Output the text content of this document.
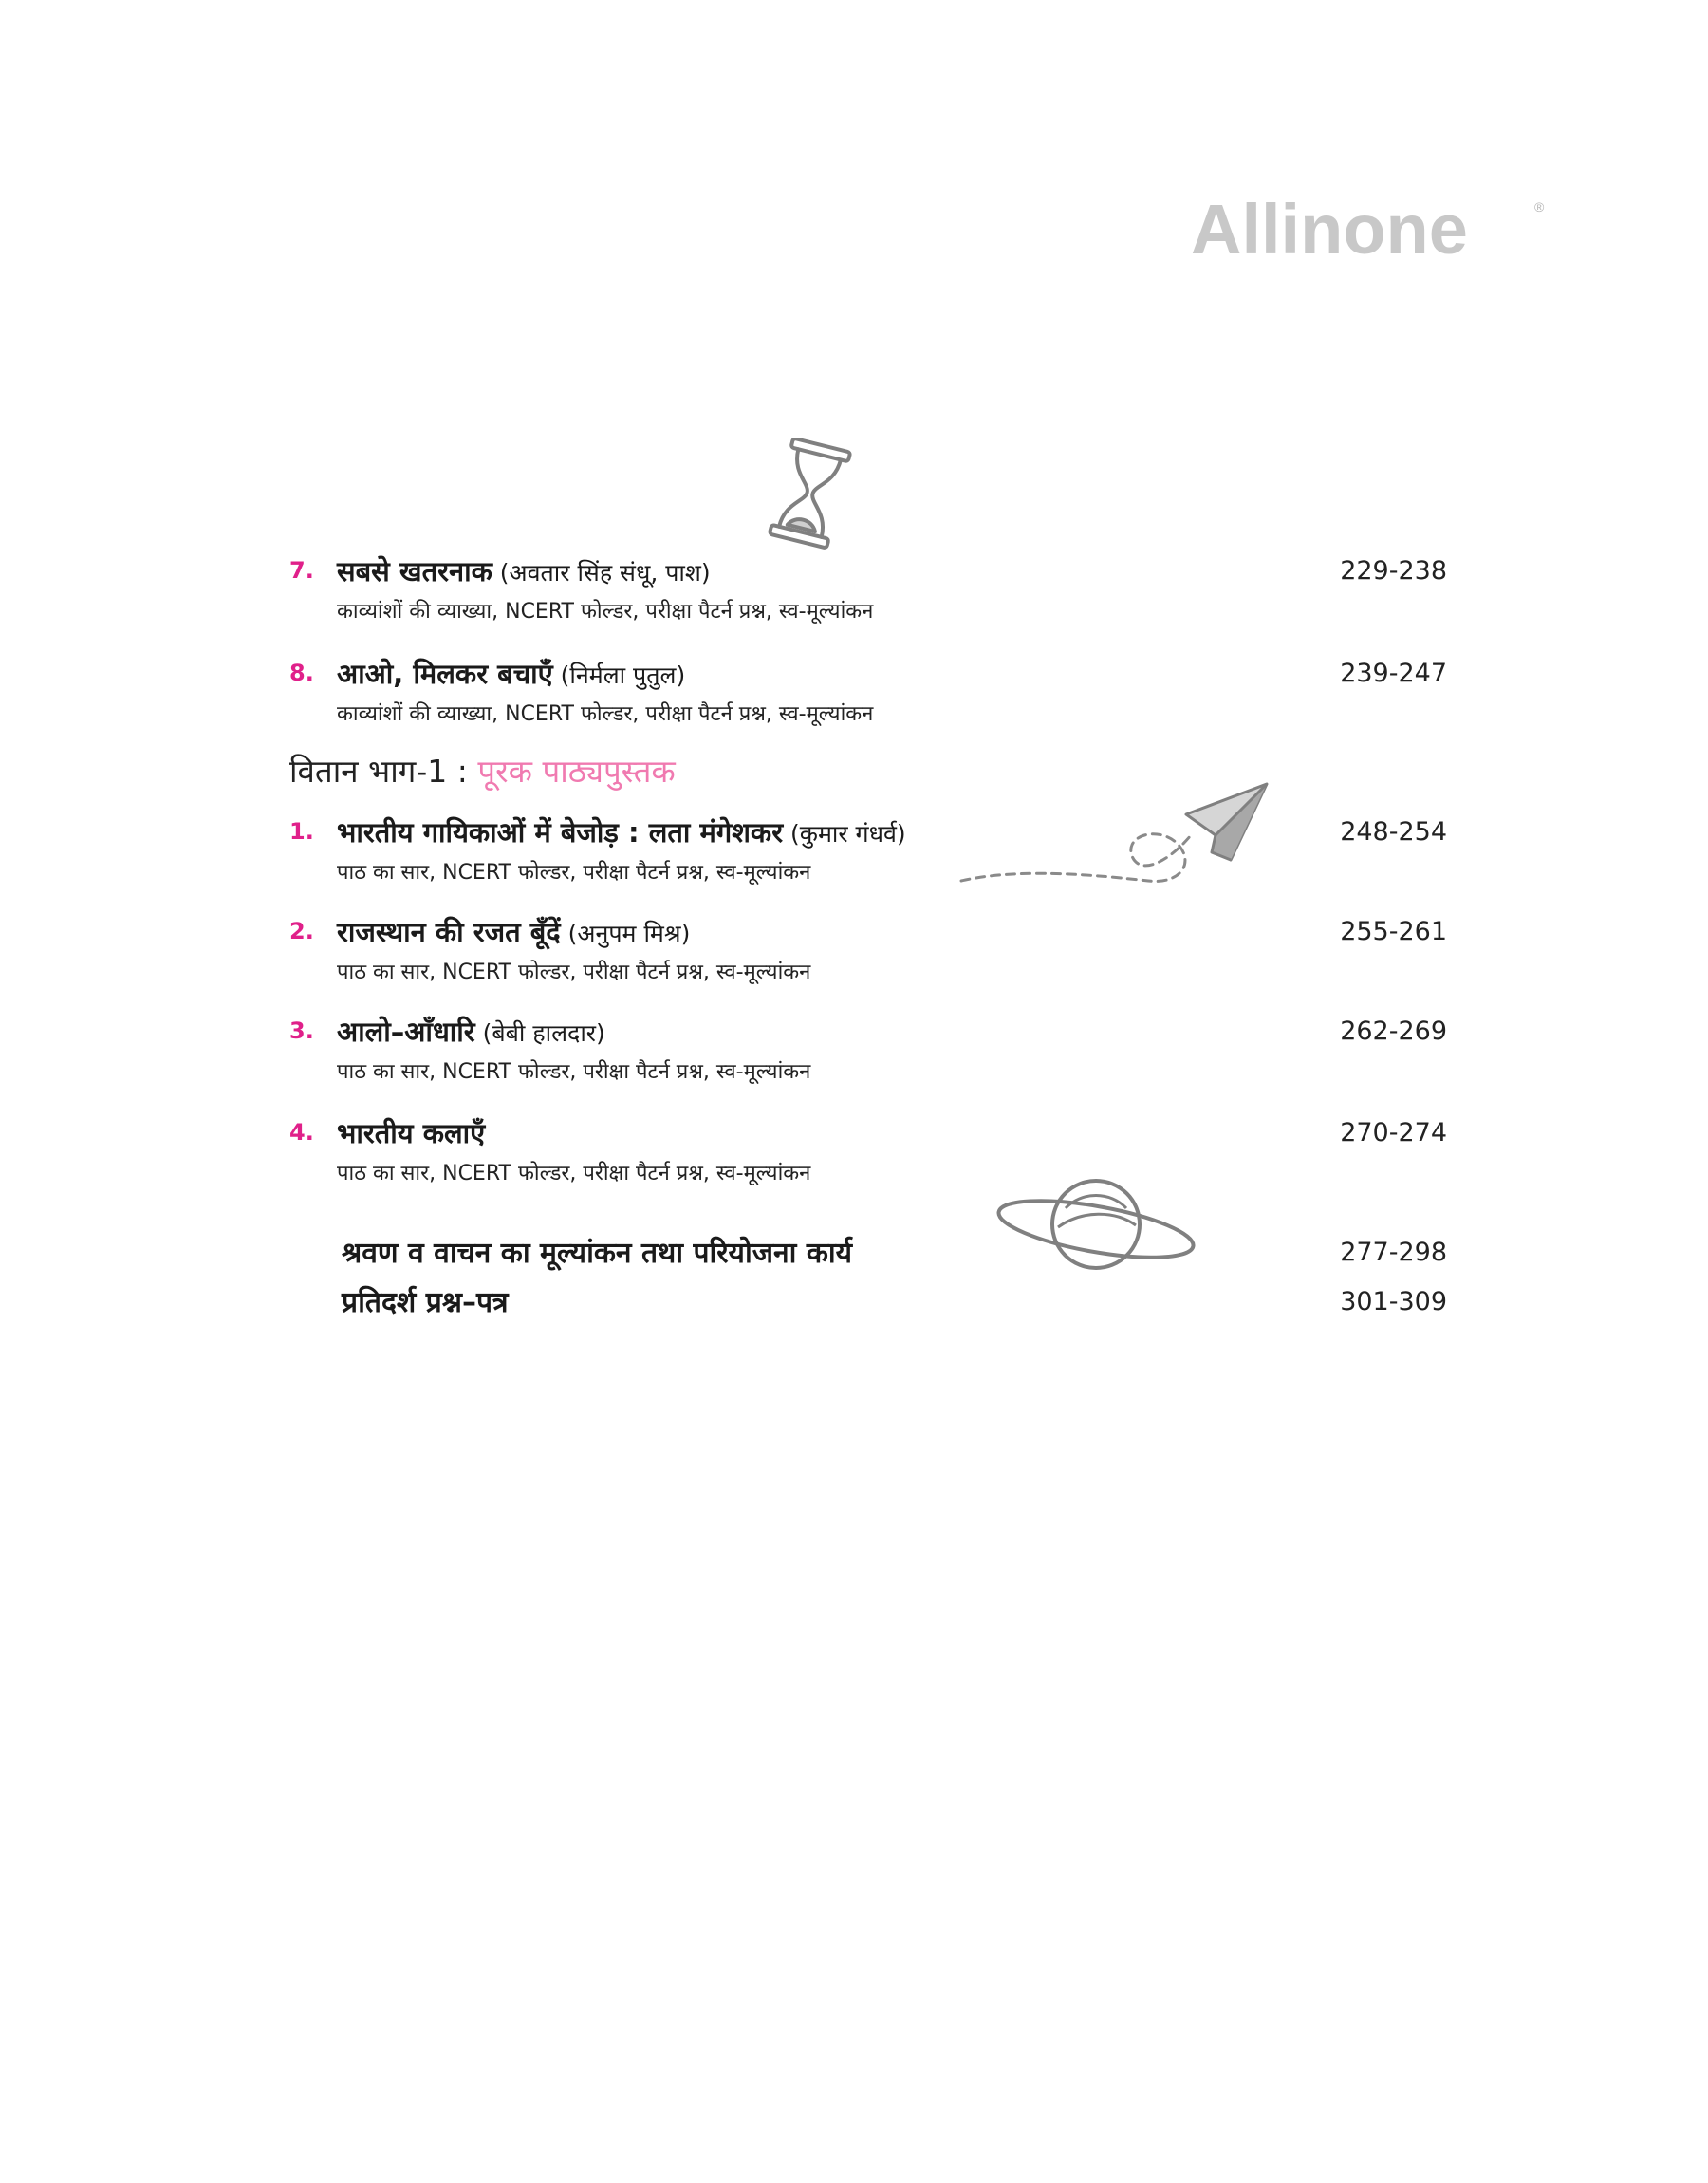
Allinone	®
7. सबसे खतरनाक (अवतार सिंह संधू, पाश)	229-238
काव्यांशों की व्याख्या, NCERT फोल्डर, परीक्षा पैटर्न प्रश्न, स्व-मूल्यांकन
8. आओ, मिलकर बचाएँ (निर्मला पुतुल)	239-247
काव्यांशों की व्याख्या, NCERT फोल्डर, परीक्षा पैटर्न प्रश्न, स्व-मूल्यांकन
वितान भाग-1 : पूरक पाठ्यपुस्तक
1. भारतीय गायिकाओं में बेजोड़ : लता मंगेशकर (कुमार गंधर्व)	248-254
पाठ का सार, NCERT फोल्डर, परीक्षा पैटर्न प्रश्न, स्व-मूल्यांकन
2. राजस्थान की रजत बूँदें (अनुपम मिश्र)	255-261
पाठ का सार, NCERT फोल्डर, परीक्षा पैटर्न प्रश्न, स्व-मूल्यांकन
3. आलो–आँधारि (बेबी हालदार)	262-269
पाठ का सार, NCERT फोल्डर, परीक्षा पैटर्न प्रश्न, स्व-मूल्यांकन
4. भारतीय कलाएँ	270-274
पाठ का सार, NCERT फोल्डर, परीक्षा पैटर्न प्रश्न, स्व-मूल्यांकन
श्रवण व वाचन का मूल्यांकन तथा परियोजना कार्य	277-298
प्रतिदर्श प्रश्न–पत्र	301-309
